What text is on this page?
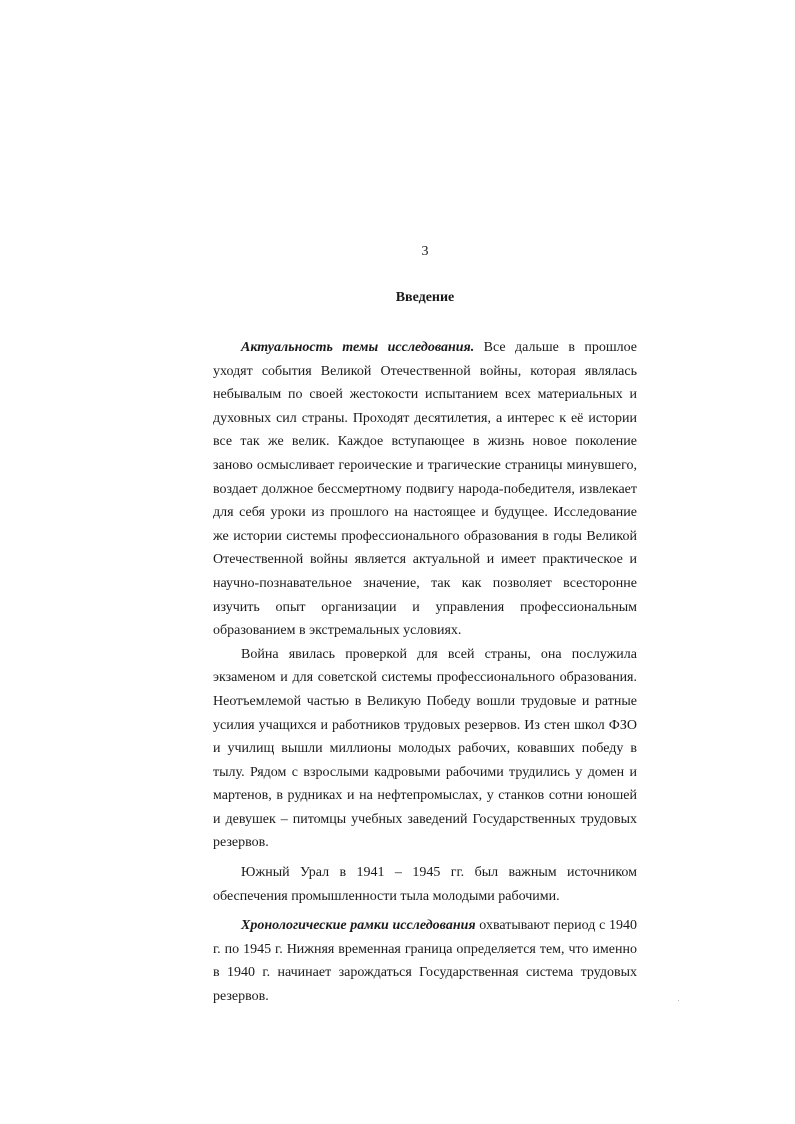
3
Введение

Актуальность темы исследования. Все дальше в прошлое уходят события Великой Отечественной войны, которая являлась небывалым по своей жестокости испытанием всех материальных и духовных сил страны. Проходят десятилетия, а интерес к её истории все так же велик. Каждое вступающее в жизнь новое поколение заново осмысливает героические и трагические страницы минувшего, воздает должное бессмертному подвигу народа-победителя, извлекает для себя уроки из прошлого на настоящее и будущее. Исследование же истории системы профессионального образования в годы Великой Отечественной войны является актуальной и имеет практическое и научно-познавательное значение, так как позволяет всесторонне изучить опыт организации и управления профессиональным образованием в экстремальных условиях.

Война явилась проверкой для всей страны, она послужила экзаменом и для советской системы профессионального образования. Неотъемлемой частью в Великую Победу вошли трудовые и ратные усилия учащихся и работников трудовых резервов. Из стен школ ФЗО и училищ вышли миллионы молодых рабочих, ковавших победу в тылу. Рядом с взрослыми кадровыми рабочими трудились у домен и мартенов, в рудниках и на нефтепромыслах, у станков сотни юношей и девушек – питомцы учебных заведений Государственных трудовых резервов.

Южный Урал в 1941 – 1945 гг. был важным источником обеспечения промышленности тыла молодыми рабочими.

Хронологические рамки исследования охватывают период с 1940 г. по 1945 г. Нижняя временная граница определяется тем, что именно в 1940 г. начинает зарождаться Государственная система трудовых резервов.
